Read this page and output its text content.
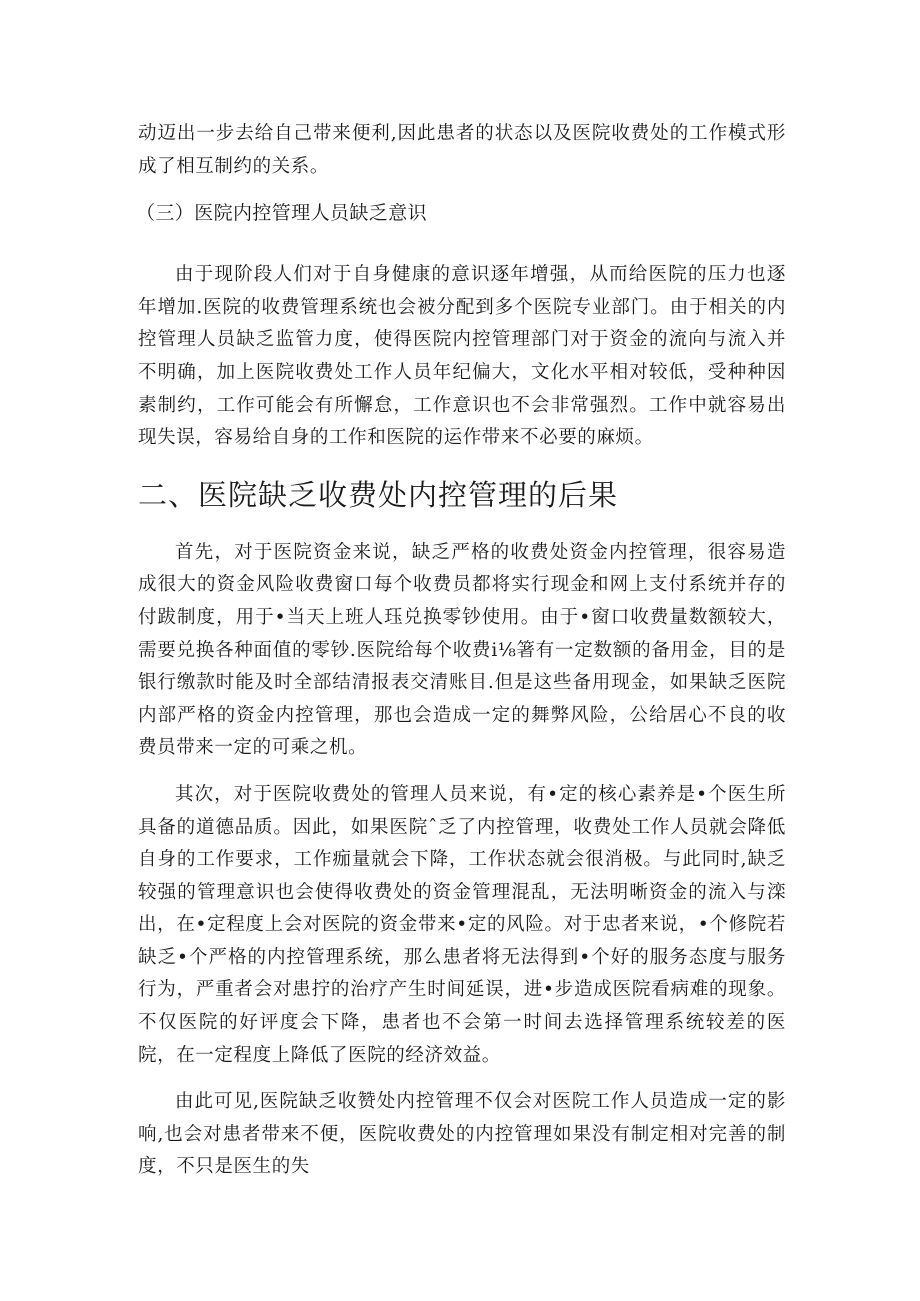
动迈出一步去给自己带来便利,因此患者的状态以及医院收费处的工作模式形成了相互制约的关系。

（三）医院内控管理人员缺乏意识

由于现阶段人们对于自身健康的意识逐年增强，从而给医院的压力也逐年增加.医院的收费管理系统也会被分配到多个医院专业部门。由于相关的内控管理人员缺乏监管力度，使得医院内控管理部门对于资金的流向与流入并不明确，加上医院收费处工作人员年纪偏大，文化水平相对较低，受种种因素制约，工作可能会有所懈怠，工作意识也不会非常强烈。工作中就容易出现失误，容易给自身的工作和医院的运作带来不必要的麻烦。

二、医院缺乏收费处内控管理的后果

首先，对于医院资金来说，缺乏严格的收费处资金内控管理，很容易造成很大的资金风险收费窗口每个收费员都将实行现金和网上支付系统并存的付跋制度，用于•当天上班人珏兑换零钞使用。由于•窗口收费量数额较大，需要兑换各种面值的零钞.医院给每个收费i⅛箸有一定数额的备用金，目的是银行缴款时能及时全部结清报表交清账目.但是这些备用现金，如果缺乏医院内部严格的资金内控管理，那也会造成一定的舞弊风险，公给居心不良的收费员带来一定的可乘之机。

其次，对于医院收费处的管理人员来说，有•定的核心素养是•个医生所具备的道德品质。因此，如果医院ˆ乏了内控管理，收费处工作人员就会降低自身的工作要求，工作痂量就会下降，工作状态就会很消极。与此同时,缺乏较强的管理意识也会使得收费处的资金管理混乱，无法明晰资金的流入与滦出，在•定程度上会对医院的资金带来•定的风险。对于忠者来说，•个修院若缺乏•个严格的内控管理系统，那么患者将无法得到•个好的服务态度与服务行为，严重者会对患拧的治疗产生时间延误，进•步造成医院看病难的现象。不仅医院的好评度会下降，患者也不会第一时间去选择管理系统较差的医院，在一定程度上降低了医院的经济效益。

由此可见,医院缺乏收赞处内控管理不仅会对医院工作人员造成一定的影响,也会对患者带来不便，医院收费处的内控管理如果没有制定相对完善的制度，不只是医生的失
